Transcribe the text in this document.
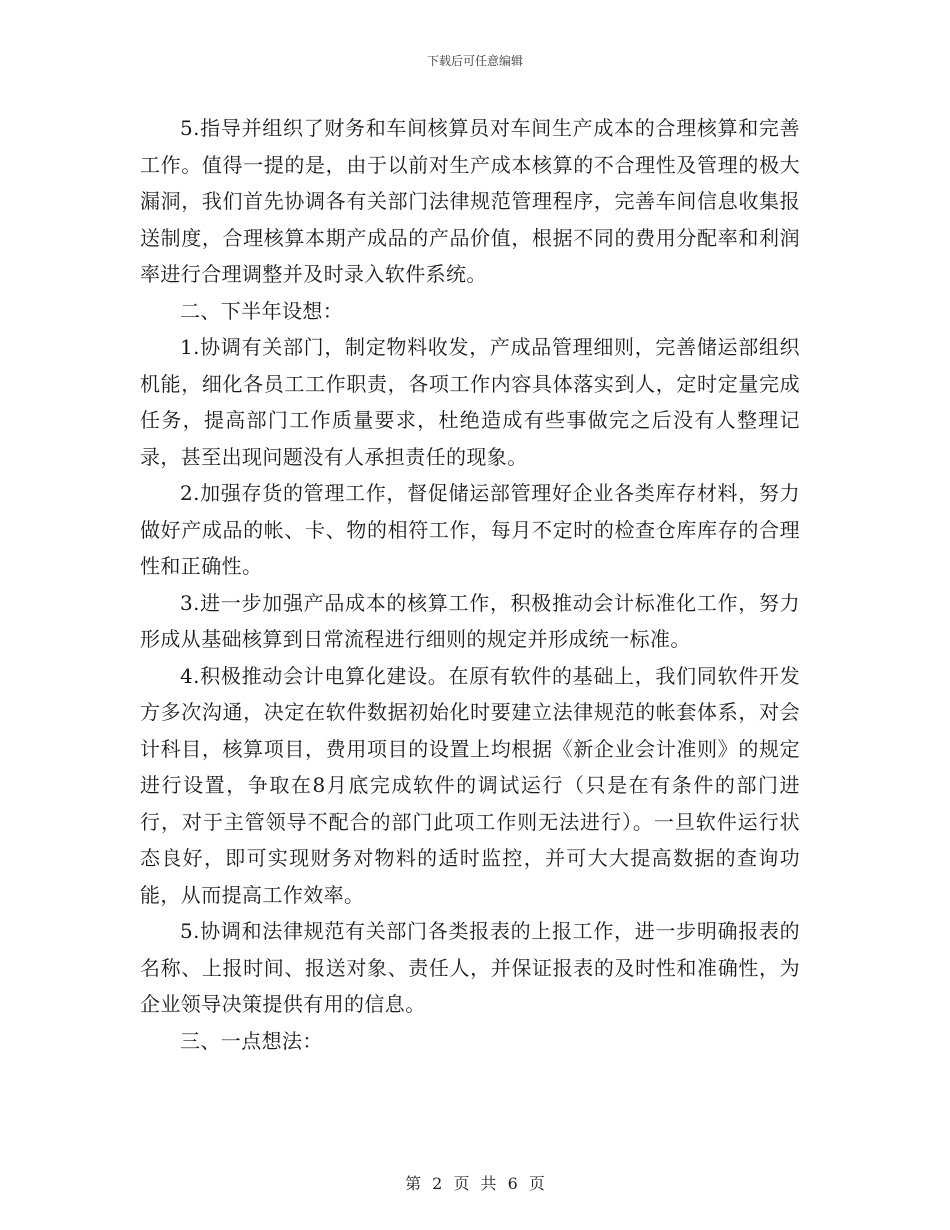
下载后可任意编辑

5.指导并组织了财务和车间核算员对车间生产成本的合理核算和完善工作。值得一提的是，由于以前对生产成本核算的不合理性及管理的极大漏洞，我们首先协调各有关部门法律规范管理程序，完善车间信息收集报送制度，合理核算本期产成品的产品价值，根据不同的费用分配率和利润率进行合理调整并及时录入软件系统。

二、下半年设想：

1.协调有关部门，制定物料收发，产成品管理细则，完善储运部组织机能，细化各员工工作职责，各项工作内容具体落实到人，定时定量完成任务，提高部门工作质量要求，杜绝造成有些事做完之后没有人整理记录，甚至出现问题没有人承担责任的现象。

2.加强存货的管理工作，督促储运部管理好企业各类库存材料，努力做好产成品的帐、卡、物的相符工作，每月不定时的检查仓库库存的合理性和正确性。

3.进一步加强产品成本的核算工作，积极推动会计标准化工作，努力形成从基础核算到日常流程进行细则的规定并形成统一标准。

4.积极推动会计电算化建设。在原有软件的基础上，我们同软件开发方多次沟通，决定在软件数据初始化时要建立法律规范的帐套体系，对会计科目，核算项目，费用项目的设置上均根据《新企业会计准则》的规定进行设置，争取在8月底完成软件的调试运行（只是在有条件的部门进行，对于主管领导不配合的部门此项工作则无法进行）。一旦软件运行状态良好，即可实现财务对物料的适时监控，并可大大提高数据的查询功能，从而提高工作效率。

5.协调和法律规范有关部门各类报表的上报工作，进一步明确报表的名称、上报时间、报送对象、责任人，并保证报表的及时性和准确性，为企业领导决策提供有用的信息。

三、一点想法：

第 2 页 共 6 页
